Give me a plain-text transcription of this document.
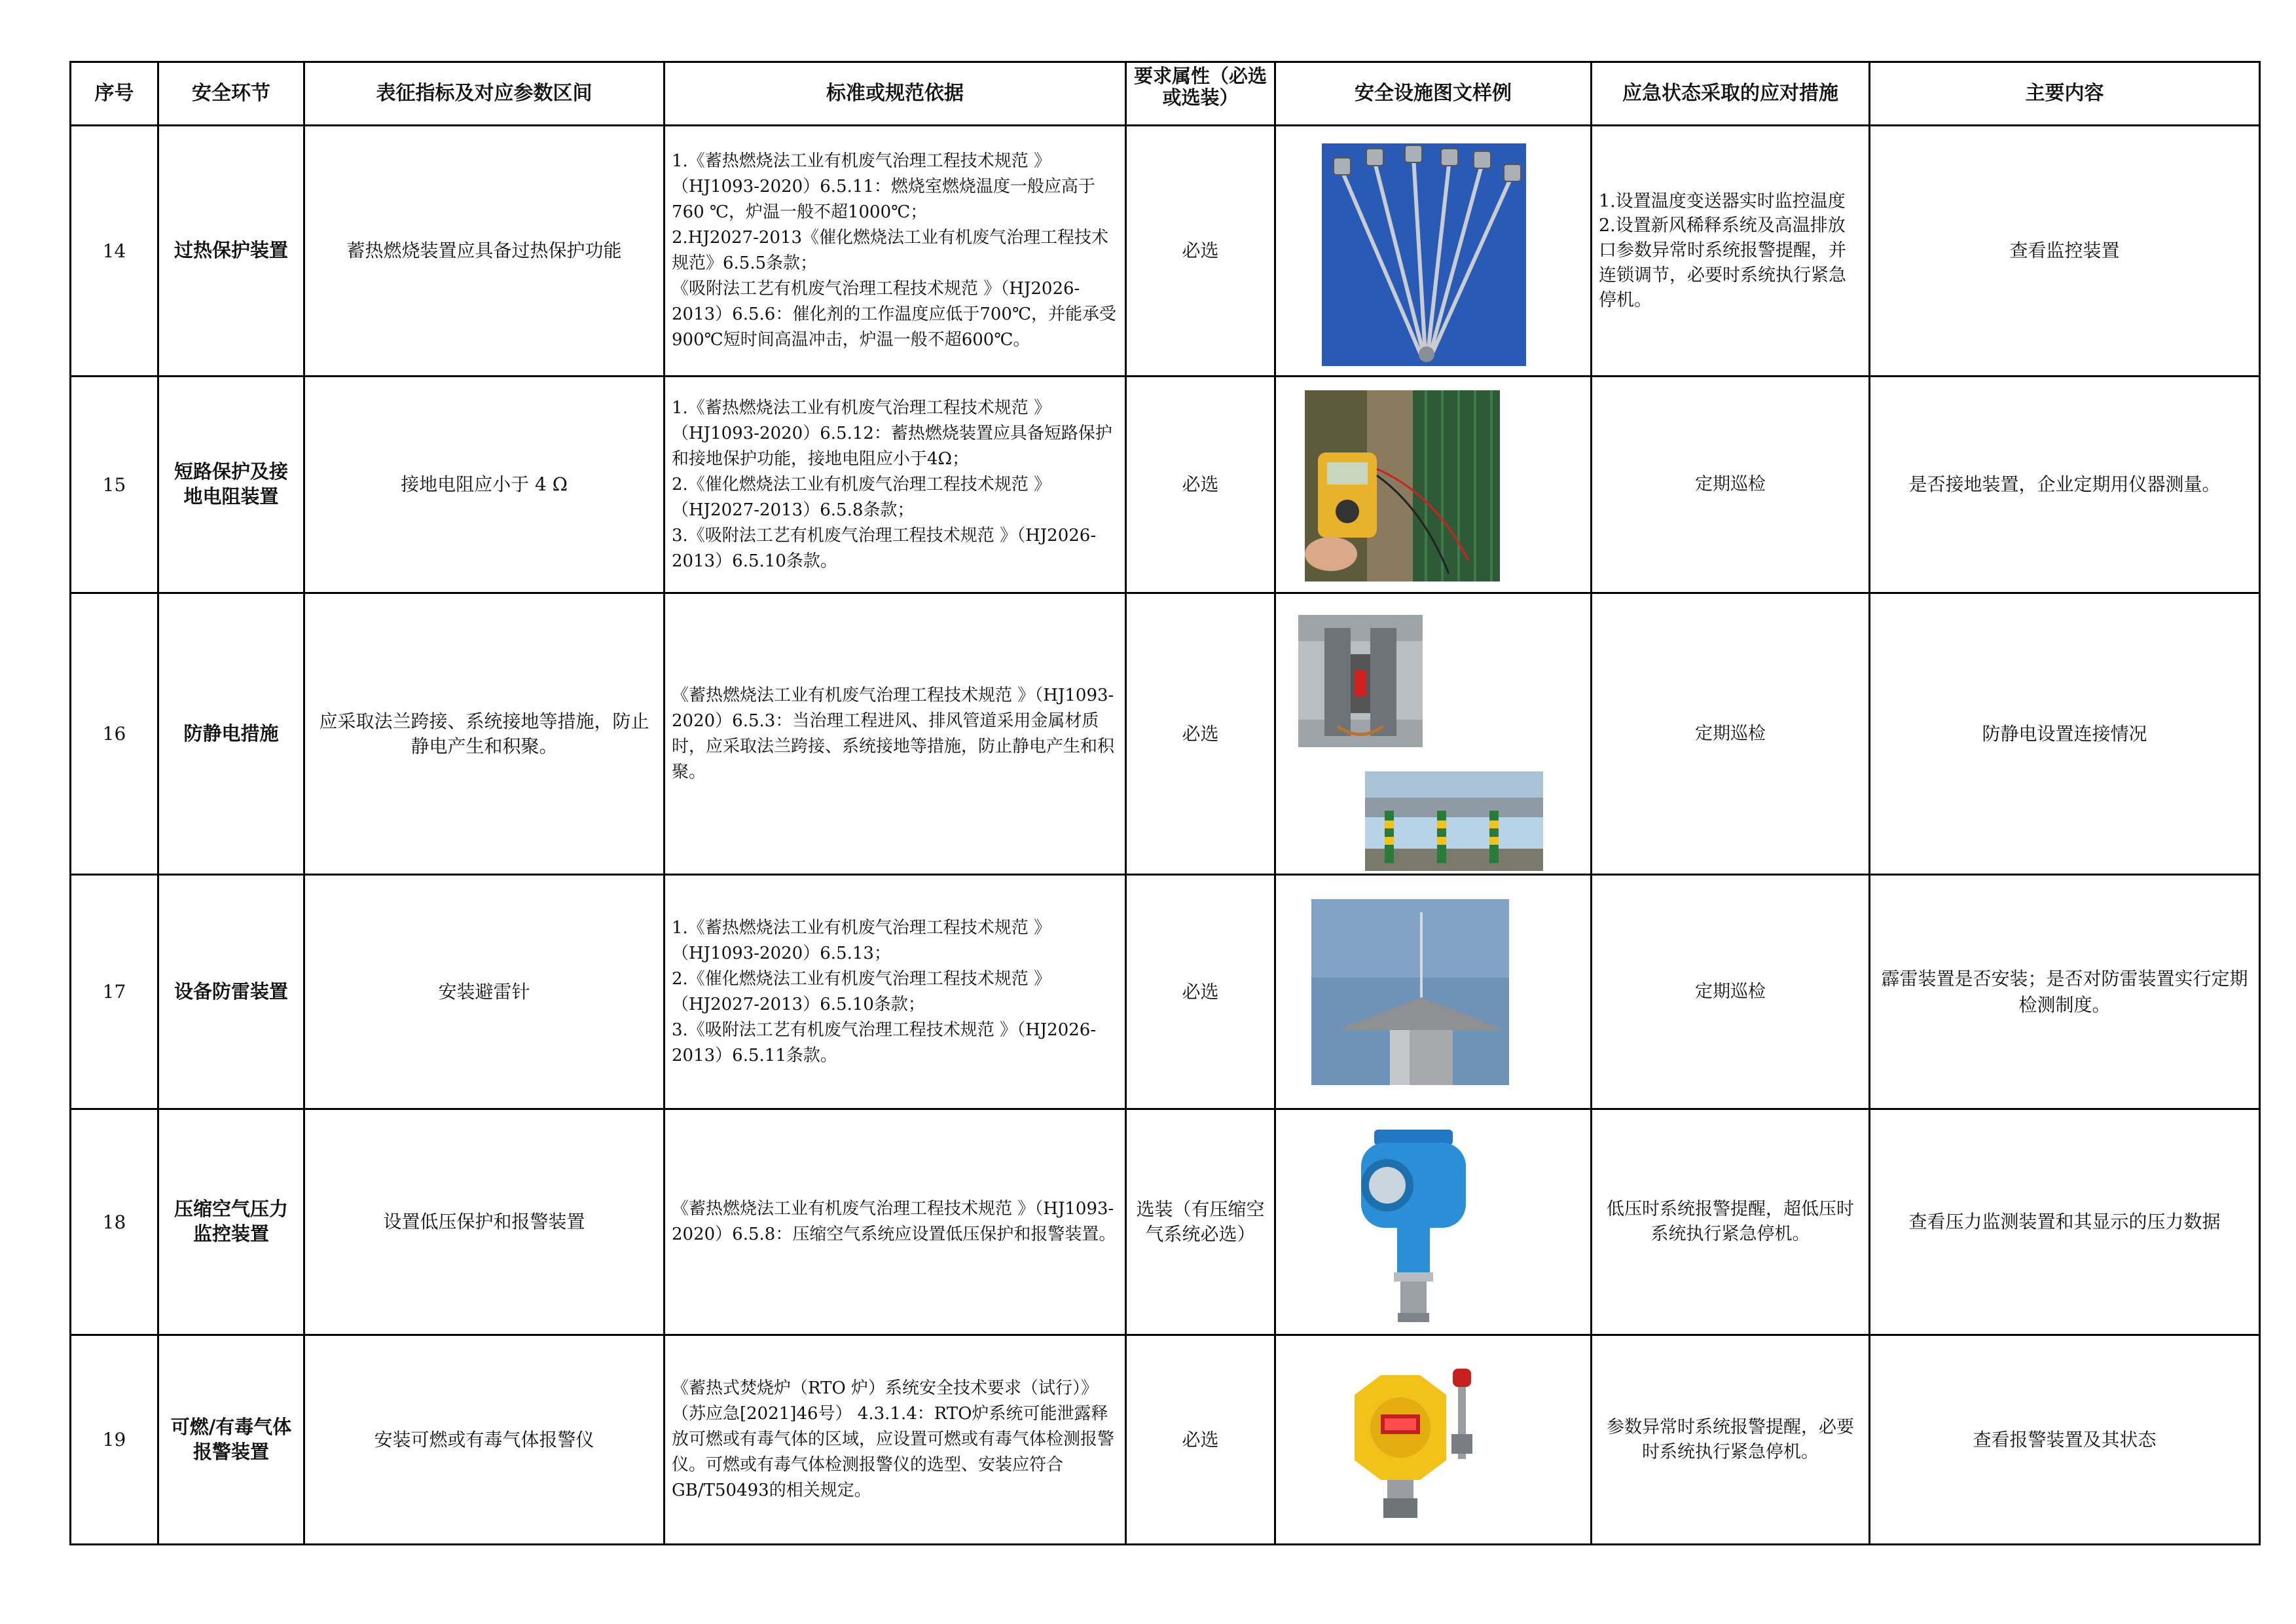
序号	安全环节	表征指标及对应参数区间	标准或规范依据	要求属性（必选或选装）	安全设施图文样例	应急状态采取的应对措施	主要内容
14	过热保护装置	蓄热燃烧装置应具备过热保护功能	1.《蓄热燃烧法工业有机废气治理工程技术规范 》（HJ1093-2020）6.5.11：燃烧室燃烧温度一般应高于 760 ℃，炉温一般不超1000℃；
2.HJ2027-2013《催化燃烧法工业有机废气治理工程技术规范》6.5.5条款；
《吸附法工艺有机废气治理工程技术规范 》（HJ2026-2013）6.5.6：催化剂的工作温度应低于700℃，并能承受900℃短时间高温冲击，炉温一般不超600℃。	必选		1.设置温度变送器实时监控温度
2.设置新风稀释系统及高温排放口参数异常时系统报警提醒，并连锁调节，必要时系统执行紧急停机。	查看监控装置
15	短路保护及接地电阻装置	接地电阻应小于 4 Ω	1.《蓄热燃烧法工业有机废气治理工程技术规范 》（HJ1093-2020）6.5.12：蓄热燃烧装置应具备短路保护和接地保护功能，接地电阻应小于4Ω；
2.《催化燃烧法工业有机废气治理工程技术规范 》（HJ2027-2013）6.5.8条款；
3.《吸附法工艺有机废气治理工程技术规范 》（HJ2026-2013）6.5.10条款。	必选		定期巡检	是否接地装置，企业定期用仪器测量。
16	防静电措施	应采取法兰跨接、系统接地等措施，防止静电产生和积聚。	《蓄热燃烧法工业有机废气治理工程技术规范 》（HJ1093-2020）6.5.3：当治理工程进风、排风管道采用金属材质时，应采取法兰跨接、系统接地等措施，防止静电产生和积聚。	必选		定期巡检	防静电设置连接情况
17	设备防雷装置	安装避雷针	1.《蓄热燃烧法工业有机废气治理工程技术规范 》（HJ1093-2020）6.5.13；
2.《催化燃烧法工业有机废气治理工程技术规范 》（HJ2027-2013）6.5.10条款；
3.《吸附法工艺有机废气治理工程技术规范 》（HJ2026-2013）6.5.11条款。	必选		定期巡检	霹雷装置是否安装；是否对防雷装置实行定期检测制度。
18	压缩空气压力监控装置	设置低压保护和报警装置	《蓄热燃烧法工业有机废气治理工程技术规范 》（HJ1093-2020）6.5.8：压缩空气系统应设置低压保护和报警装置。	选装（有压缩空气系统必选）		低压时系统报警提醒，超低压时系统执行紧急停机。	查看压力监测装置和其显示的压力数据
19	可燃/有毒气体报警装置	安装可燃或有毒气体报警仪	《蓄热式焚烧炉（RTO 炉）系统安全技术要求（试行）》（苏应急[2021]46号） 4.3.1.4：RTO炉系统可能泄露释放可燃或有毒气体的区域，应设置可燃或有毒气体检测报警仪。可燃或有毒气体检测报警仪的选型、安装应符合GB/T50493的相关规定。	必选		参数异常时系统报警提醒，必要时系统执行紧急停机。	查看报警装置及其状态
